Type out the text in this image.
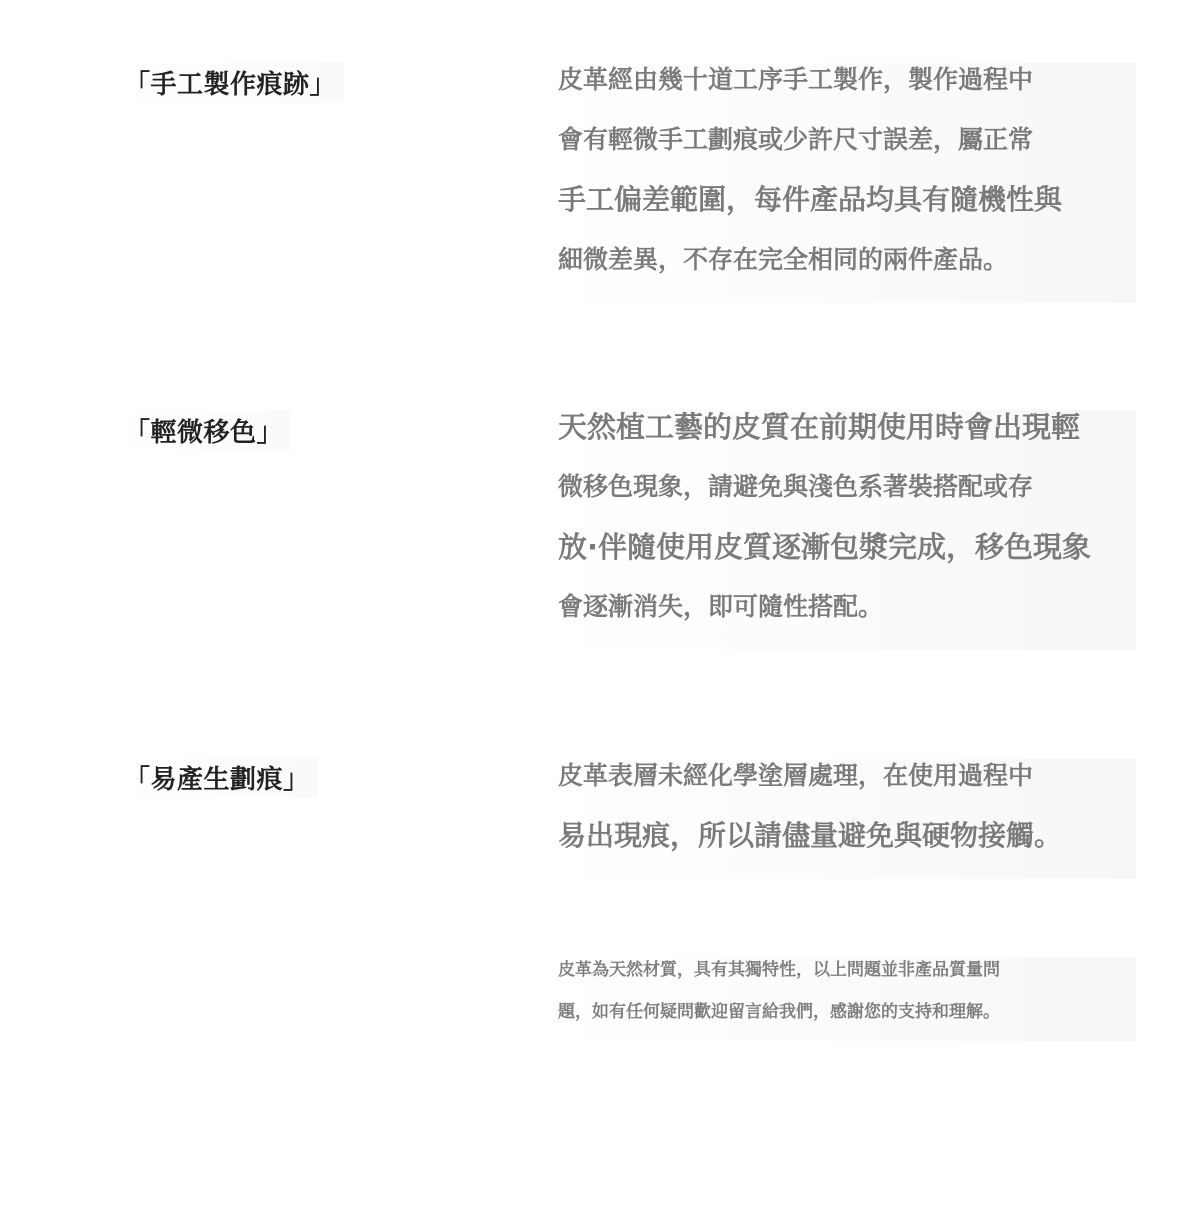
「手工製作痕跡」	皮革經由幾十道工序手工製作，製作過程中
會有輕微手工劃痕或少許尺寸誤差，屬正常
手工偏差範圍，每件產品均具有隨機性與
細微差異，不存在完全相同的兩件產品。
「輕微移色」	天然植工藝的皮質在前期使用時會出現輕
微移色現象，請避免與淺色系著裝搭配或存
放·伴隨使用皮質逐漸包漿完成，移色現象
會逐漸消失，即可隨性搭配。
「易產生劃痕」	皮革表層未經化學塗層處理，在使用過程中
易出現痕，所以請儘量避免與硬物接觸。
皮革為天然材質，具有其獨特性，以上問題並非產品質量問
題，如有任何疑問歡迎留言給我們，感謝您的支持和理解。
